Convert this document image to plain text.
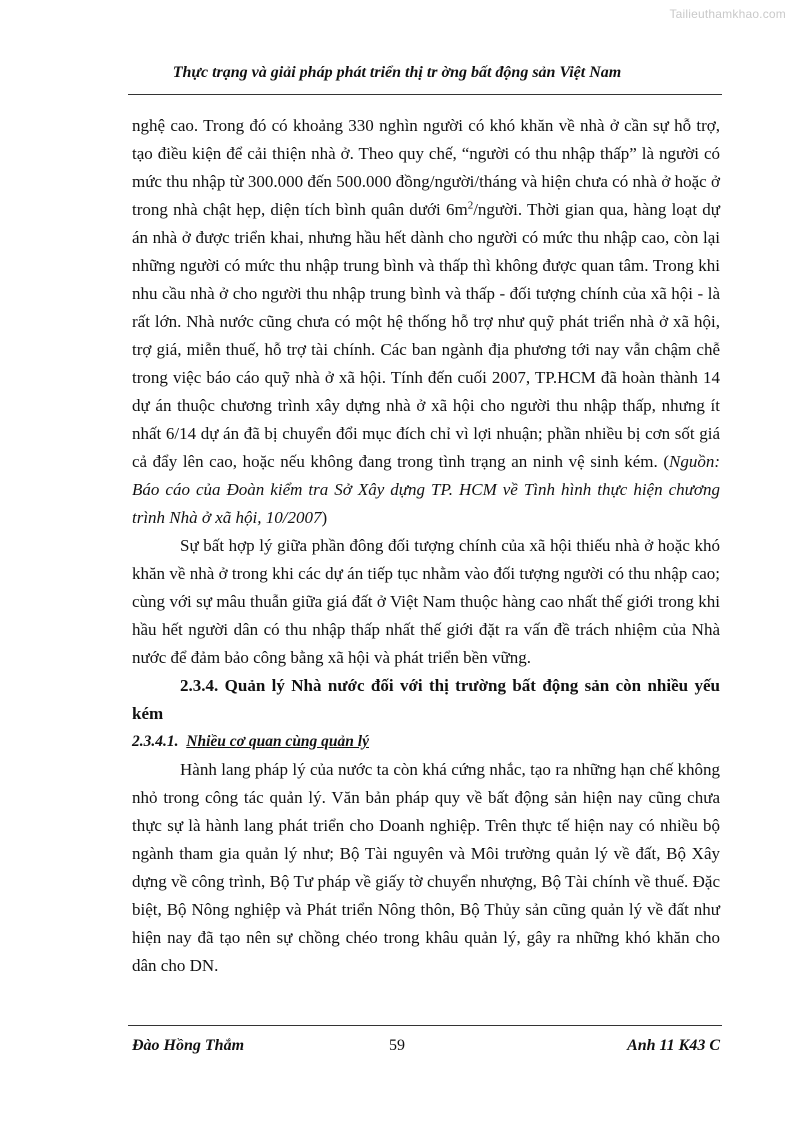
Tailieuthamkhao.com
Thực trạng và giải pháp phát triển thị tr ờng bất động sản Việt Nam

nghệ cao. Trong đó có khoảng 330 nghìn người có khó khăn về nhà ở cần sự hỗ trợ, tạo điều kiện để cải thiện nhà ở. Theo quy chế, “người có thu nhập thấp” là người có mức thu nhập từ 300.000 đến 500.000 đồng/người/tháng và hiện chưa có nhà ở hoặc ở trong nhà chật hẹp, diện tích bình quân dưới $6m^2$/người. Thời gian qua, hàng loạt dự án nhà ở được triển khai, nhưng hầu hết dành cho người có mức thu nhập cao, còn lại những người có mức thu nhập trung bình và thấp thì không được quan tâm. Trong khi nhu cầu nhà ở cho người thu nhập trung bình và thấp - đối tượng chính của xã hội - là rất lớn. Nhà nước cũng chưa có một hệ thống hỗ trợ như quỹ phát triển nhà ở xã hội, trợ giá, miễn thuế, hỗ trợ tài chính. Các ban ngành địa phương tới nay vẫn chậm chễ trong việc báo cáo quỹ nhà ở xã hội. Tính đến cuối 2007, TP.HCM đã hoàn thành 14 dự án thuộc chương trình xây dựng nhà ở xã hội cho người thu nhập thấp, nhưng ít nhất 6/14 dự án đã bị chuyển đổi mục đích chỉ vì lợi nhuận; phần nhiều bị cơn sốt giá cả đẩy lên cao, hoặc nếu không đang trong tình trạng an ninh vệ sinh kém. (Nguồn: Báo cáo của Đoàn kiểm tra Sở Xây dựng TP. HCM về Tình hình thực hiện chương trình Nhà ở xã hội, 10/2007)

Sự bất hợp lý giữa phần đông đối tượng chính của xã hội thiếu nhà ở hoặc khó khăn về nhà ở trong khi các dự án tiếp tục nhằm vào đối tượng người có thu nhập cao; cùng với sự mâu thuẫn giữa giá đất ở Việt Nam thuộc hàng cao nhất thế giới trong khi hầu hết người dân có thu nhập thấp nhất thế giới đặt ra vấn đề trách nhiệm của Nhà nước để đảm bảo công bằng xã hội và phát triển bền vững.

2.3.4. Quản lý Nhà nước đối với thị trường bất động sản còn nhiều yếu kém

2.3.4.1. Nhiều cơ quan cùng quản lý

Hành lang pháp lý của nước ta còn khá cứng nhắc, tạo ra những hạn chế không nhỏ trong công tác quản lý. Văn bản pháp quy về bất động sản hiện nay cũng chưa thực sự là hành lang phát triển cho Doanh nghiệp. Trên thực tế hiện nay có nhiều bộ ngành tham gia quản lý như; Bộ Tài nguyên và Môi trường quản lý về đất, Bộ Xây dựng về công trình, Bộ Tư pháp về giấy tờ chuyển nhượng, Bộ Tài chính về thuế. Đặc biệt, Bộ Nông nghiệp và Phát triển Nông thôn, Bộ Thủy sản cũng quản lý về đất như hiện nay đã tạo nên sự chồng chéo trong khâu quản lý, gây ra những khó khăn cho dân cho DN.

Đào Hồng Thắm	59	Anh 11 K43 C
